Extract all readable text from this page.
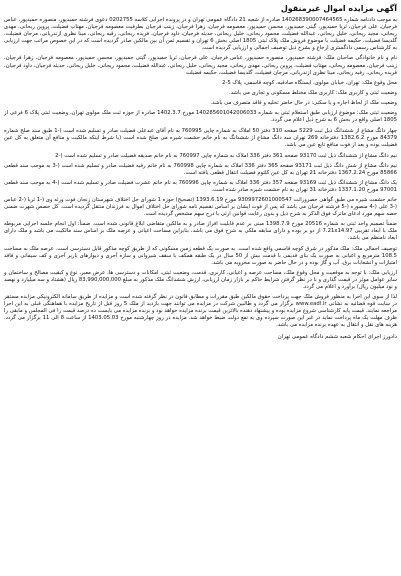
آگهی مزایده اموال غیرمنقول

به موجب دادنامه شماره 140268390007464565 صادره از شعبه 21 دادگاه عمومی تهران و در پرونده اجرایی کلاسه 0202755 دعوی فرشته حمیدپور، منصوره حمیدپور، عباس فرجیان، علی فرجیان، ثریا حمیدپور، گیتی حمیدپور، محسن حمیدپور، معصومه فرجیان، زهرا فرجیان، زینب فرجیان بطرفیت معصومه فرجیان، مهتاب فضیلت، پروین ریحانی، مهدی ریحانی، مجید ریحانی، خلیل ریحانی، عبدالله فضیلت، محمود ریحانی، خلیل ریحانی، حدیثه فرجیان، داود فرجیان، فریده ریحانی، رقیه ریحانی، مینا نظری ازندریانی، مرجان فضیلت، گلدیسا فضیلت، حکیمه فضیلت با موضوع فروش ملک پلاک ثبتی 1805 اصلی بخش 6 تهران و تقسیم ثمن آن بین مالکین صادر گردیده است که در این خصوص مراتب جهت ارزیابی به کارشناس رسمی دادگستری ارجاع و بشرح ذیل توصیف اجمالی و ارزیابی گردیده است.

نام و نام خانوادگی صاحبان ملک: فرشته حمیدپور، منصوره حمیدپور، عباس فرجیان، علی فرجیان، ثریا حمیدپور، گیتی حمیدپور، محسن حمیدپور، معصومه فرجیان، زهرا فرجیان، زینب فرجیان، معصومه ریحانی، مهتاب فضیلت، پروین ریحانی، مهدی ریحانی، مجید ریحانی، خلیل ریحانی، عبدالله فضیلت، محمود ریحانی، خلیل ریحانی، حدیثه فرجیان، داود فرجیان، فریده ریحانی، رقیه ریحانی، مینا نظری ازندریانی، مرجان فضیلت، گلدیسا فضیلت، حکیمه فضیلت

محل وقوع ملک: تهران، خیابان مولوی، ایستگاه صادقیه، کوچه قاسمی، پلاک 5-2

وضعیت ثبتی و کاربری ملک: کاربری ملک مختلط مسکونی و تجاری می باشد.

وضعیت ملک از لحاظ اجاره و یا سکنی: در حال حاضر تخلیه و فاقد متصرف می باشد.

وضعیت ثبتی ملک: موضوع ارزیابی طبق استعلام ثبتی به شماره 140285601042006033 مورخ 1402.3.7 صادره از حوزه ثبت ملک مولوی تهران، وضعیت ثبتی پلاک 6 فرعی از 1805 اصلی واقع در بخش 6 به شرح ذیل اعلام می گردد.

چهار دانگ مشاع از ششدانگ ذیل ثبت 5229 صفحه 310 دفتر 50 املاک به شماره چاپی 760995 به نام آقای عبدعلی فضیلت صادر و تسلیم شده است (-1 طبق سند صلح شماره 84379 مورخ 1382.6.2 دفترخانه 269 تهران سه دانگ مشاع از ششدانگ به نام خانم حشمت شیره می صلح شده است (با شرط اینکه مالکیت و منافع آن متعلق به کل عین فضیلت بوده و بعد از فوت منافع تابع عین می باشد.

نیم دانگ مشاع از ششدانگ ذیل ثبت 93170 صفحه 361 دفتر 336 املاک به شماره چاپی 760997 به نام خانم صدیقه فضیلت صادر و تسلیم شده است (-2

نیم دانگ مشاع از شش دانگ ذیل ثبت 93171 صفحه 365 دفتر 336 املاک به شماره چاپی 760998 به نام خانم رقیه فضیلت صادر و تسلیم شده است (-3 به موجب سند قطعی 85866 مورخ 1367.2.24 دفترخانه 21 تهران به کل عین کلثوم فضیلت انتقال قطعی یافته است.

یک دانگ مشاع از ششدانگ ذیل ثبت 93169 صفحه 357 دفتر 336 املاک به شماره چاپی 760996 به نام خانم عشرت فضیلت صادر و تسلیم شده است (-4 به موجب سند قطعی 97001 مورخ 1337.1.20 دفترخانه 31 تهران به نام حشمت شیره صادر شده است.

خانم حشمت شیره می طبق گواهی حصروراثت 9309972601000547 مورخ 1393.6.19 (تصحیح) حوزه 1 شورای حل اختلاف شهرستان زنجان فوت ورثه وی (-1 ثریا (-2 عباس (-3 علی (-4 منصوره (-5 فرشته فرجیان می باشد که پس از فوت ایشان بر اساس تقسیم نامه شورای حل اختلاف اموال به فرزندان منتقل گردیده است. کل حصص شهرت ضمنی حصه سهم مورد ادعای ماترک فوق الذکر به شرح ذیل و بدون رعایت قوانین ارثی با درج سهم مشخص گردیده است.

ضمناً تصمیم واحد ثبتی به شماره 20516 مورخ 1398.7.9 مبنی بر عدم قابلیت افراز صادر و به مالکین متقاضی ابلاغ قانونی شده است. ضمناً: اول انجام جلسه اجرایی مربوطه ملک با ابعاد تقریبی 7.21x14.97 از دو بر بوده و دارای سابقه ملکی به شرح فوق می باشد، بنابراین مساحت اعیانی و عرصه ملک بر اساس سند مالکیت می باشد و ملک دارای ابعاد نامنظم می باشد.

توصیف اجمالی ملک: ملک مذکور در شرق کوچه قاسمی واقع شده است. به صورت یک قطعه زمین مسکونی که از طریق کوچه مذکور قابل دسترسی است. عرصه ملک به مساحت 108.5 مترمربع و اعیانی به صورت یک بنای قدیمی با قدمت بیش از 50 سال در یک طبقه همکف با سقف شیروانی و سازه آجری و دیوارهای باربر آجری و کف سیمانی و فاقد امتیازات و انشعابات برق، آب و گاز بوده و در حال حاضر به صورت مخروبه می باشد.

ارزیابی ملک: با توجه به موقعیت و محل وقوع ملک، مساحت عرصه و اعیانی، کاربری، قدمت، وضعیت ثبتی، امکانات و دسترسی ها، عرض معبر، نوع و کیفیت مصالح و ساختمان و سایر عوامل موثر در قیمت گذاری و با در نظر گرفتن شرایط حاکم بر بازار زمان ارزیابی، ارزش ششدانگ ملک مذکور به مبلغ 83,990,000,000 ریال (هشتاد و سه میلیارد و نهصد و نود میلیون ریال) برآورد و اعلام می گردد.

لذا از سوی این اجرا به منظور فروش ملک جهت پرداخت حقوق مالکین طبق مقررات و مطابق قانون در نظر گرفته شده است و مزایده از طریق سامانه الکترونیکی مزایده مستقر در سایت قوه قضائیه به نشانی www.eadl.ir برگزار می گردد و طالبین شرکت در مزایده می توانند جهت بازدید از ملک 5 روز قبل از تاریخ مزایده با هماهنگی قبلی به این اجرا مراجعه نمایند. قیمت پایه کارشناسی شروع مزایده بوده و پیشنهاد دهنده بالاترین قیمت برنده مزایده خواهد بود و برنده مزایده می بایست ده درصد قیمت را فی المجلس و مابقی را ظرف مهلت یک ماه پرداخت نماید در غیر این صورت سپرده وی به نفع دولت ضبط خواهد شد. مزایده در روز چهارشنبه مورخ 1403.05.03 از ساعت 8 الی 11 برگزار می گردد. هزینه های نقل و انتقال به عهده برنده مزایده می باشد.

دادورز اجرای احکام شعبه ششم دادگاه عمومی تهران
